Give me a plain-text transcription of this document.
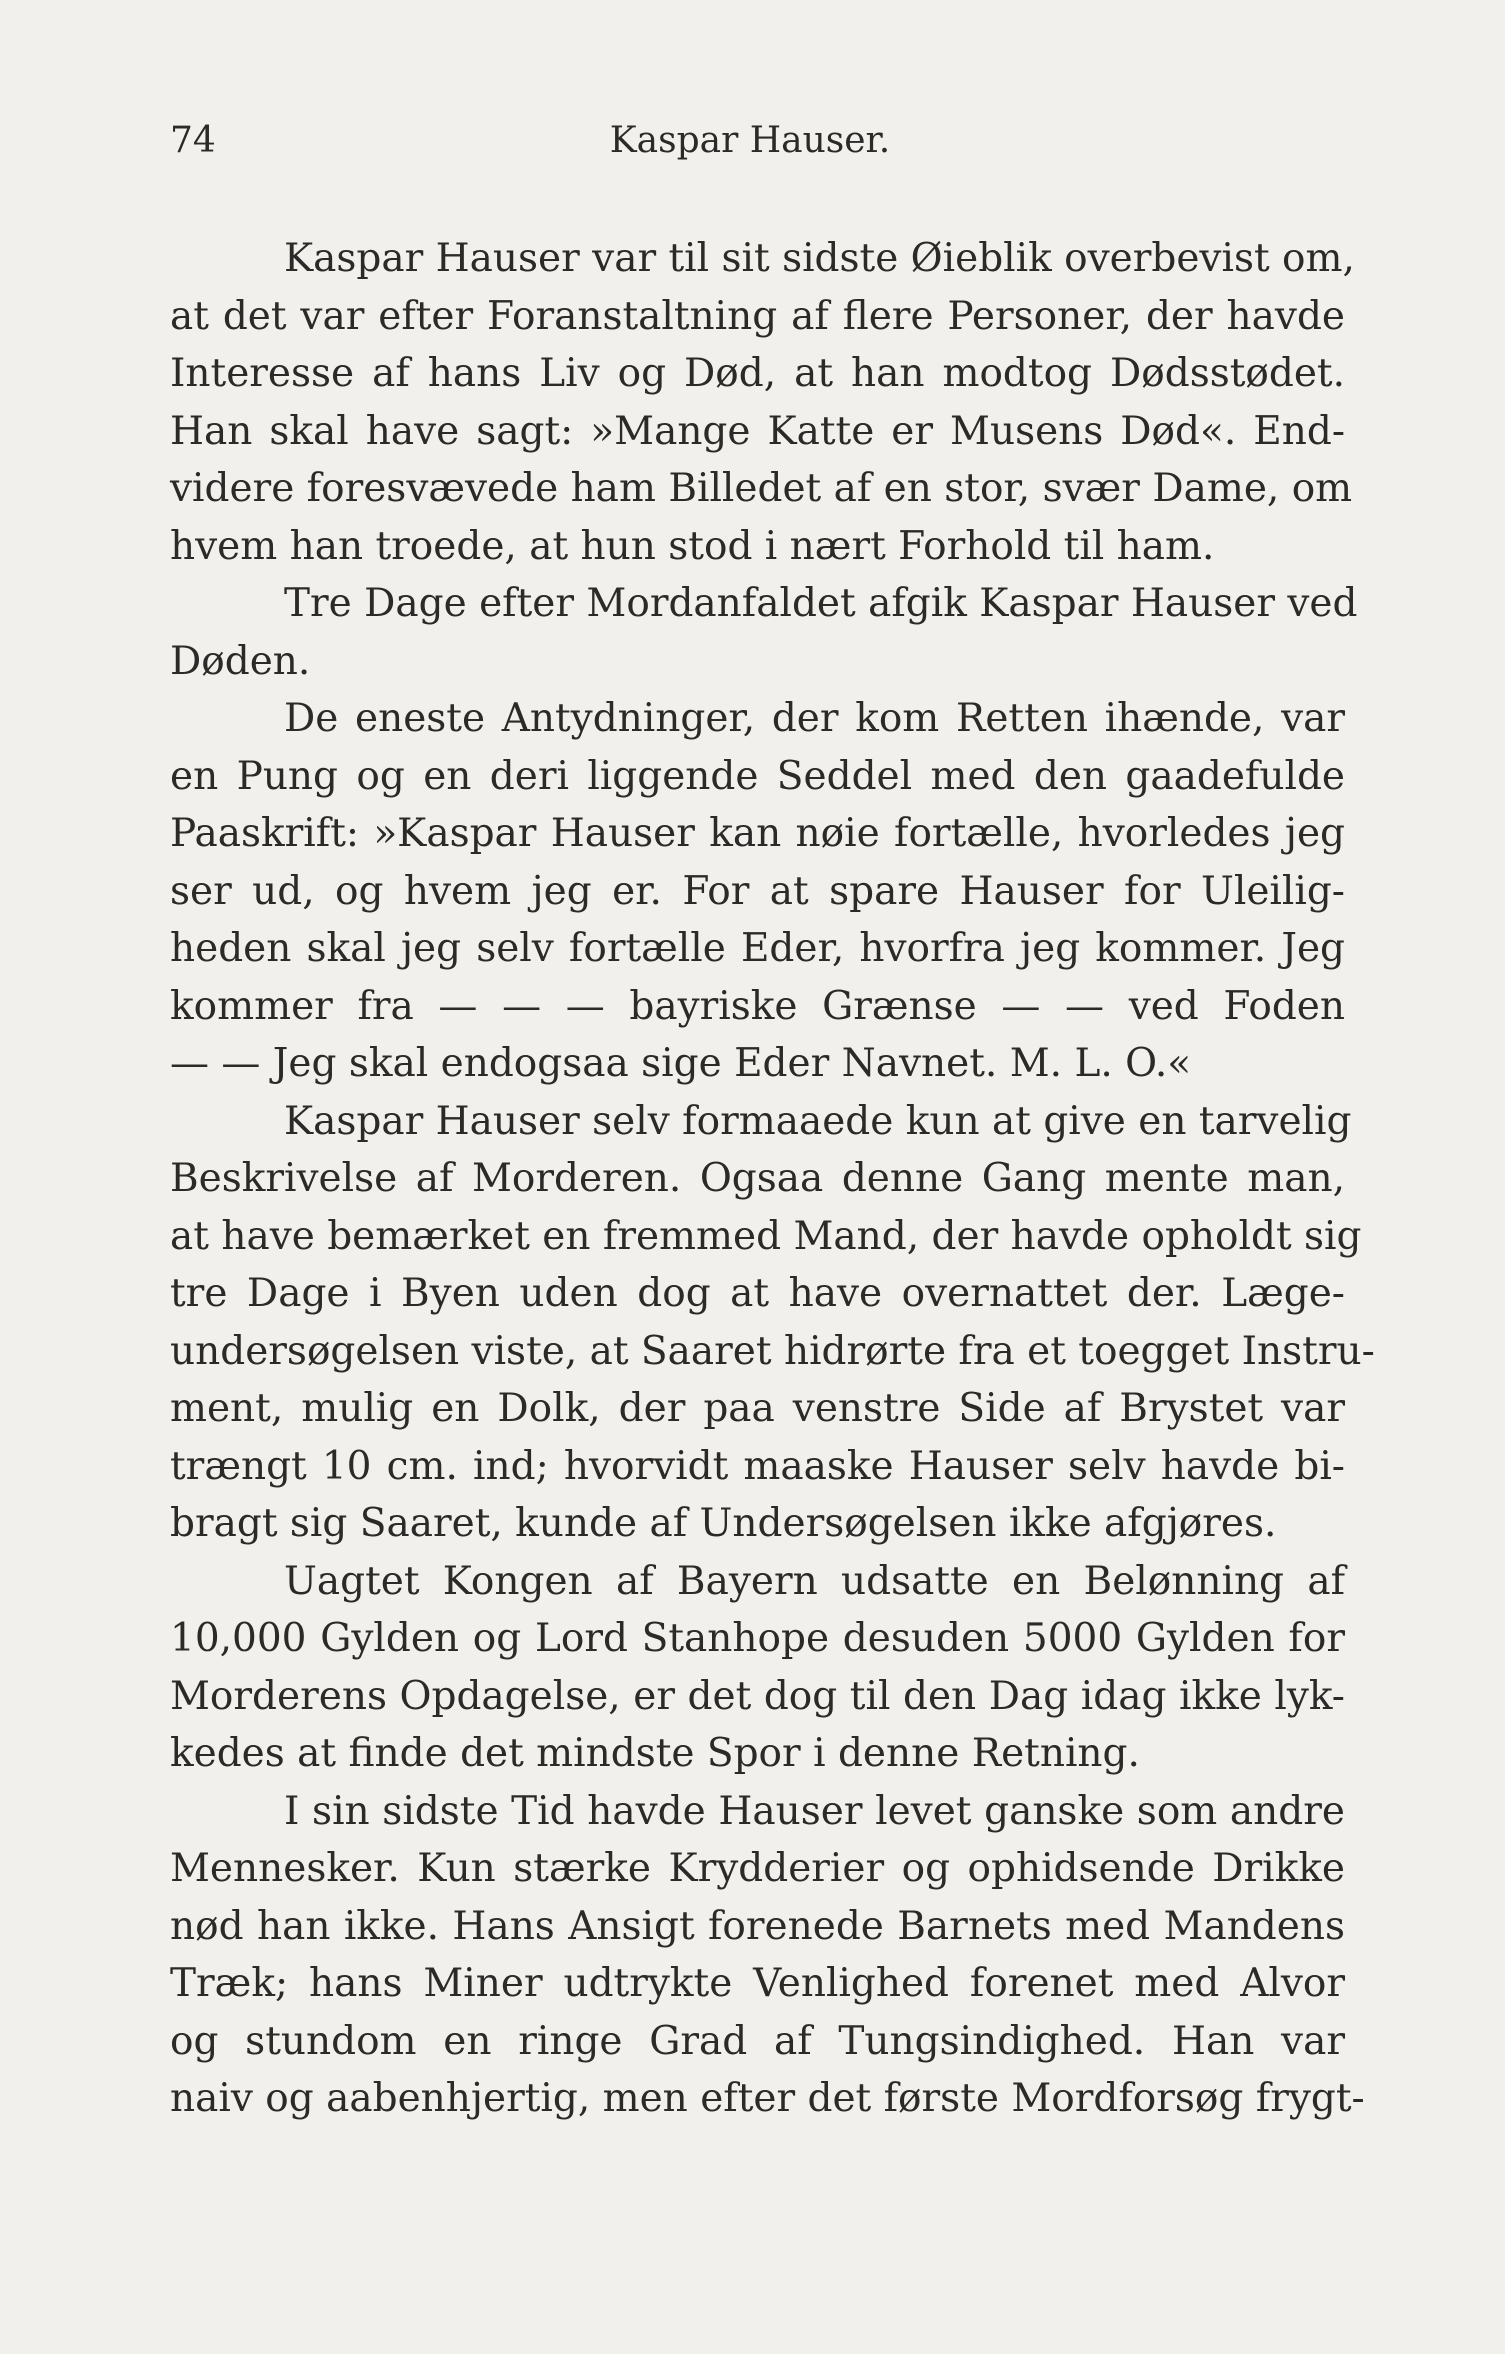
74	Kaspar Hauser.
Kaspar Hauser var til sit sidste Øieblik overbevist om,
at det var efter Foranstaltning af flere Personer, der havde
Interesse af hans Liv og Død, at han modtog Dødsstødet.
Han skal have sagt: »Mange Katte er Musens Død«. End-
videre foresvævede ham Billedet af en stor, svær Dame, om
hvem han troede, at hun stod i nært Forhold til ham.
Tre Dage efter Mordanfaldet afgik Kaspar Hauser ved
Døden.
De eneste Antydninger, der kom Retten ihænde, var
en Pung og en deri liggende Seddel med den gaadefulde
Paaskrift: »Kaspar Hauser kan nøie fortælle, hvorledes jeg
ser ud, og hvem jeg er. For at spare Hauser for Uleilig-
heden skal jeg selv fortælle Eder, hvorfra jeg kommer. Jeg
kommer fra — — — bayriske Grænse — — ved Foden
— — Jeg skal endogsaa sige Eder Navnet. M. L. O.«
Kaspar Hauser selv formaaede kun at give en tarvelig
Beskrivelse af Morderen. Ogsaa denne Gang mente man,
at have bemærket en fremmed Mand, der havde opholdt sig
tre Dage i Byen uden dog at have overnattet der. Læge-
undersøgelsen viste, at Saaret hidrørte fra et toegget Instru-
ment, mulig en Dolk, der paa venstre Side af Brystet var
trængt 10 cm. ind; hvorvidt maaske Hauser selv havde bi-
bragt sig Saaret, kunde af Undersøgelsen ikke afgjøres.
Uagtet Kongen af Bayern udsatte en Belønning af
10,000 Gylden og Lord Stanhope desuden 5000 Gylden for
Morderens Opdagelse, er det dog til den Dag idag ikke lyk-
kedes at finde det mindste Spor i denne Retning.
I sin sidste Tid havde Hauser levet ganske som andre
Mennesker. Kun stærke Krydderier og ophidsende Drikke
nød han ikke. Hans Ansigt forenede Barnets med Mandens
Træk; hans Miner udtrykte Venlighed forenet med Alvor
og stundom en ringe Grad af Tungsindighed. Han var
naiv og aabenhjertig, men efter det første Mordforsøg frygt-
